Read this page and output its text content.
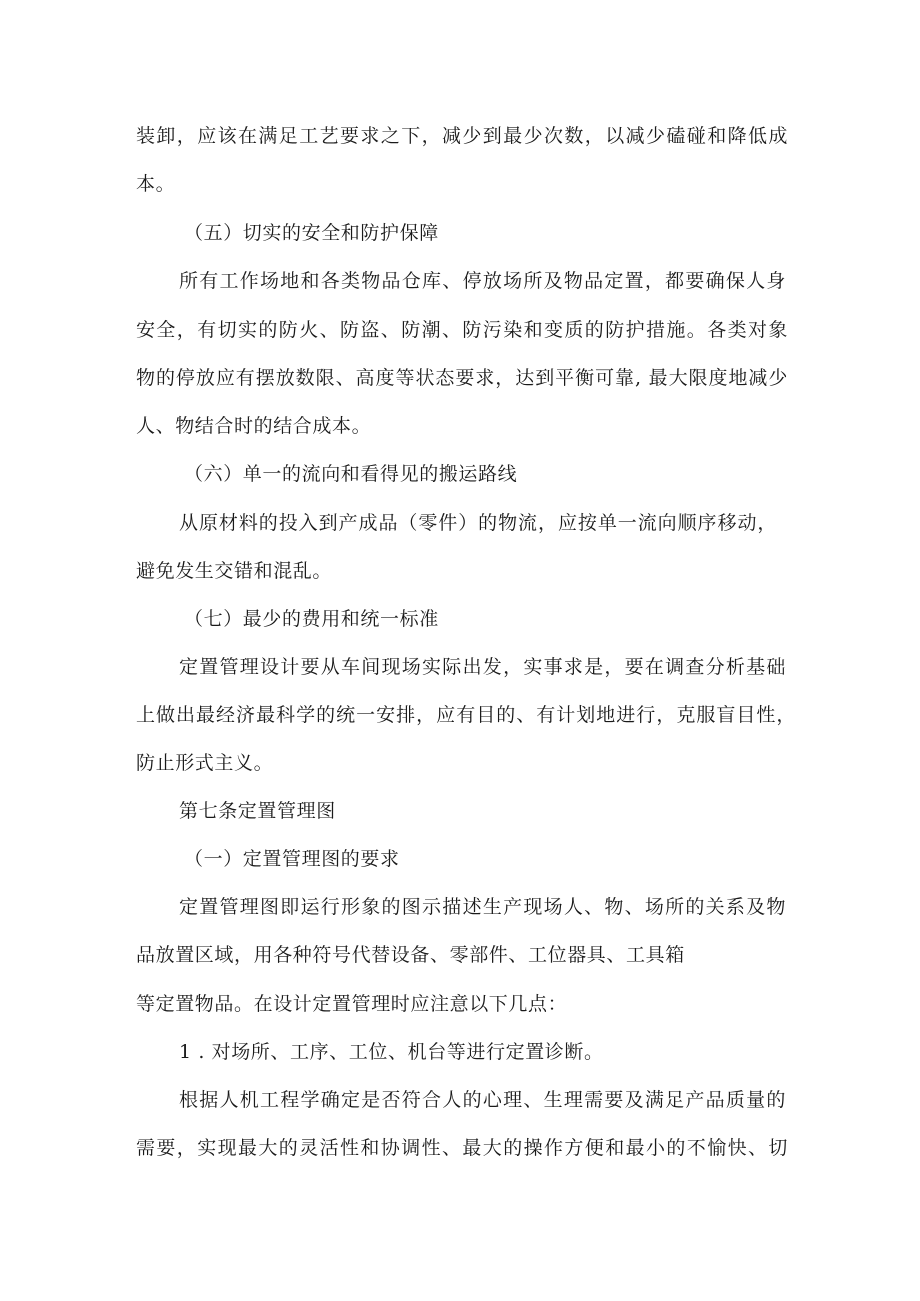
装卸，应该在满足工艺要求之下，减少到最少次数，以减少磕碰和降低成
本。
（五）切实的安全和防护保障
所有工作场地和各类物品仓库、停放场所及物品定置，都要确保人身
安全，有切实的防火、防盗、防潮、防污染和变质的防护措施。各类对象
物的停放应有摆放数限、高度等状态要求，达到平衡可靠, 最大限度地减少
人、物结合时的结合成本。
（六）单一的流向和看得见的搬运路线
从原材料的投入到产成品（零件）的物流，应按单一流向顺序移动，
避免发生交错和混乱。
（七）最少的费用和统一标准
定置管理设计要从车间现场实际出发，实事求是，要在调查分析基础
上做出最经济最科学的统一安排，应有目的、有计划地进行，克服盲目性，
防止形式主义。
第七条定置管理图
（一）定置管理图的要求
定置管理图即运行形象的图示描述生产现场人、物、场所的关系及物
品放置区域，用各种符号代替设备、零部件、工位器具、工具箱
等定置物品。在设计定置管理时应注意以下几点：
1 . 对场所、工序、工位、机台等进行定置诊断。
根据人机工程学确定是否符合人的心理、生理需要及满足产品质量的
需要，实现最大的灵活性和协调性、最大的操作方便和最小的不愉快、切
